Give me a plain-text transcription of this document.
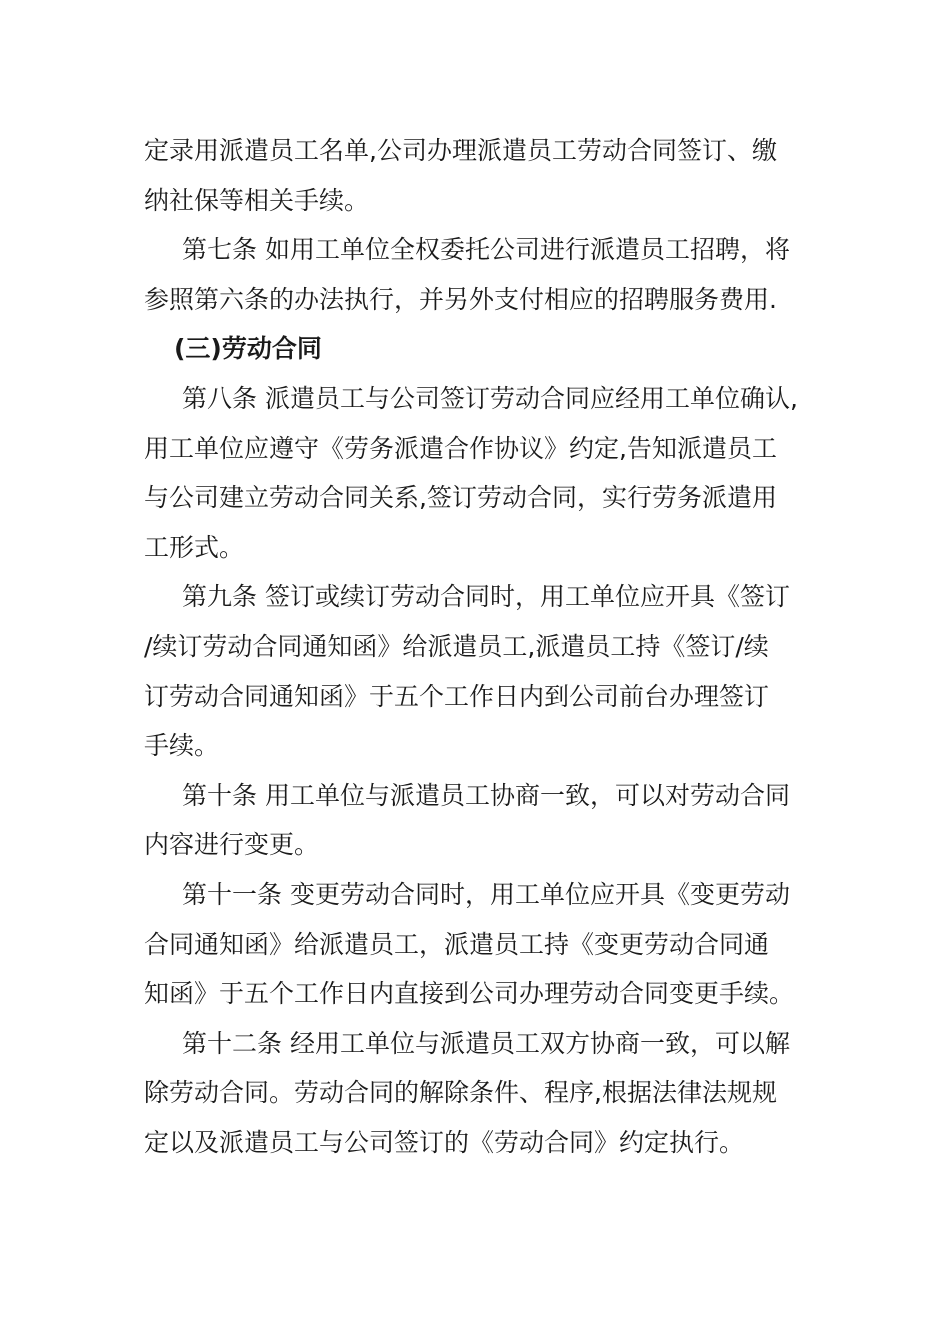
定录用派遣员工名单,公司办理派遣员工劳动合同签订、缴
纳社保等相关手续。
第七条 如用工单位全权委托公司进行派遣员工招聘，将
参照第六条的办法执行，并另外支付相应的招聘服务费用.
(三)劳动合同
第八条 派遣员工与公司签订劳动合同应经用工单位确认,
用工单位应遵守《劳务派遣合作协议》约定,告知派遣员工
与公司建立劳动合同关系,签订劳动合同，实行劳务派遣用
工形式。
第九条 签订或续订劳动合同时，用工单位应开具《签订
/续订劳动合同通知函》给派遣员工,派遣员工持《签订/续
订劳动合同通知函》于五个工作日内到公司前台办理签订
手续。
第十条 用工单位与派遣员工协商一致，可以对劳动合同
内容进行变更。
第十一条 变更劳动合同时，用工单位应开具《变更劳动
合同通知函》给派遣员工，派遣员工持《变更劳动合同通
知函》于五个工作日内直接到公司办理劳动合同变更手续。
第十二条 经用工单位与派遣员工双方协商一致，可以解
除劳动合同。劳动合同的解除条件、程序,根据法律法规规
定以及派遣员工与公司签订的《劳动合同》约定执行。
